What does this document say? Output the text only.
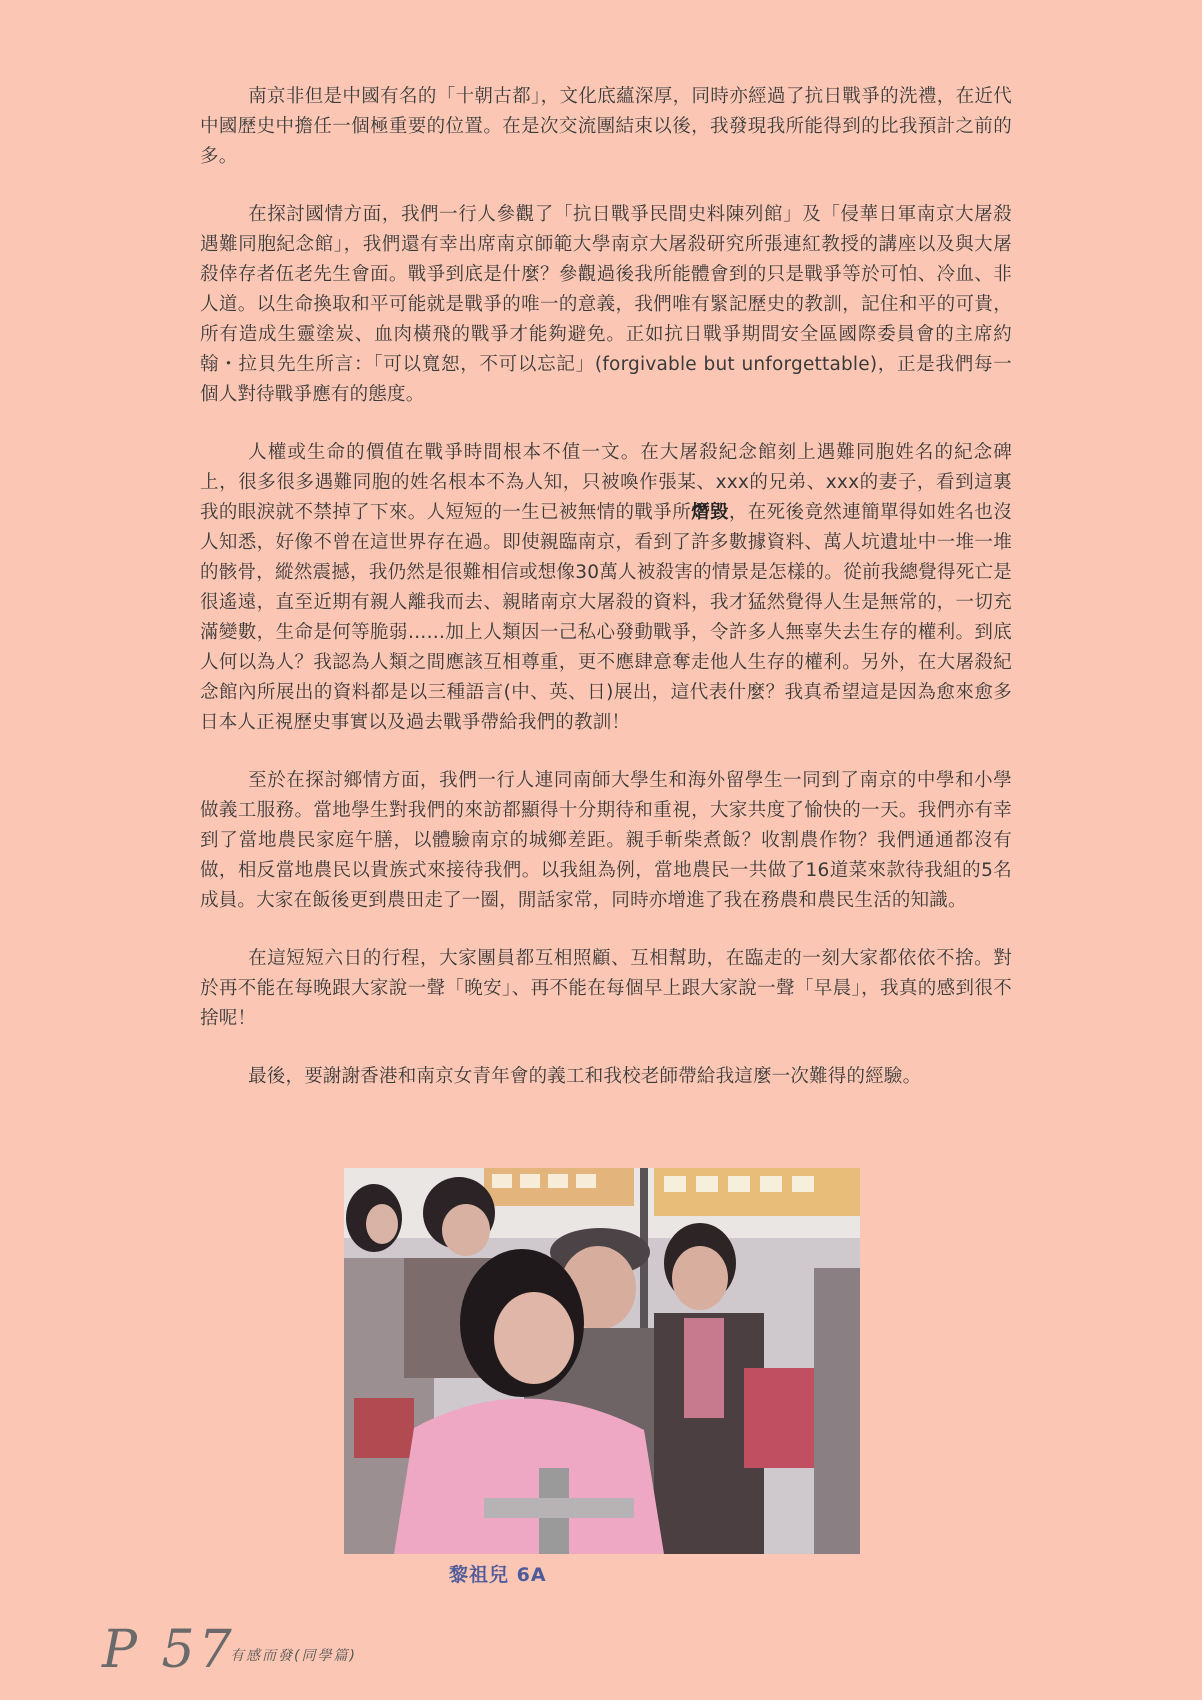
南京非但是中國有名的「十朝古都」，文化底蘊深厚，同時亦經過了抗日戰爭的洗禮，在近代中國歷史中擔任一個極重要的位置。在是次交流團結束以後，我發現我所能得到的比我預計之前的多。

在探討國情方面，我們一行人參觀了「抗日戰爭民間史料陳列館」及「侵華日軍南京大屠殺遇難同胞紀念館」，我們還有幸出席南京師範大學南京大屠殺研究所張連紅教授的講座以及與大屠殺倖存者伍老先生會面。戰爭到底是什麼？參觀過後我所能體會到的只是戰爭等於可怕、冷血、非人道。以生命換取和平可能就是戰爭的唯一的意義，我們唯有緊記歷史的教訓，記住和平的可貴，所有造成生靈塗炭、血肉橫飛的戰爭才能夠避免。正如抗日戰爭期間安全區國際委員會的主席約翰・拉貝先生所言：「可以寬恕，不可以忘記」(forgivable but unforgettable)，正是我們每一個人對待戰爭應有的態度。

人權或生命的價值在戰爭時間根本不值一文。在大屠殺紀念館刻上遇難同胞姓名的紀念碑上，很多很多遇難同胞的姓名根本不為人知，只被喚作張某、xxx的兄弟、xxx的妻子，看到這裏我的眼淚就不禁掉了下來。人短短的一生已被無情的戰爭所熸毀，在死後竟然連簡單得如姓名也沒人知悉，好像不曾在這世界存在過。即使親臨南京，看到了許多數據資料、萬人坑遺址中一堆一堆的骸骨，縱然震撼，我仍然是很難相信或想像30萬人被殺害的情景是怎樣的。從前我總覺得死亡是很遙遠，直至近期有親人離我而去、親睹南京大屠殺的資料，我才猛然覺得人生是無常的，一切充滿變數，生命是何等脆弱……加上人類因一己私心發動戰爭，令許多人無辜失去生存的權利。到底人何以為人？我認為人類之間應該互相尊重，更不應肆意奪走他人生存的權利。另外，在大屠殺紀念館內所展出的資料都是以三種語言(中、英、日)展出，這代表什麼？我真希望這是因為愈來愈多日本人正視歷史事實以及過去戰爭帶給我們的教訓！

至於在探討鄉情方面，我們一行人連同南師大學生和海外留學生一同到了南京的中學和小學做義工服務。當地學生對我們的來訪都顯得十分期待和重視，大家共度了愉快的一天。我們亦有幸到了當地農民家庭午膳，以體驗南京的城鄉差距。親手斬柴煮飯？收割農作物？我們通通都沒有做，相反當地農民以貴族式來接待我們。以我組為例，當地農民一共做了16道菜來款待我組的5名成員。大家在飯後更到農田走了一圈，閒話家常，同時亦增進了我在務農和農民生活的知識。

在這短短六日的行程，大家團員都互相照顧、互相幫助，在臨走的一刻大家都依依不捨。對於再不能在每晚跟大家說一聲「晚安」、再不能在每個早上跟大家說一聲「早晨」，我真的感到很不捨呢！

最後，要謝謝香港和南京女青年會的義工和我校老師帶給我這麼一次難得的經驗。

黎祖兒 6A
P 57
有感而發(同學篇)
